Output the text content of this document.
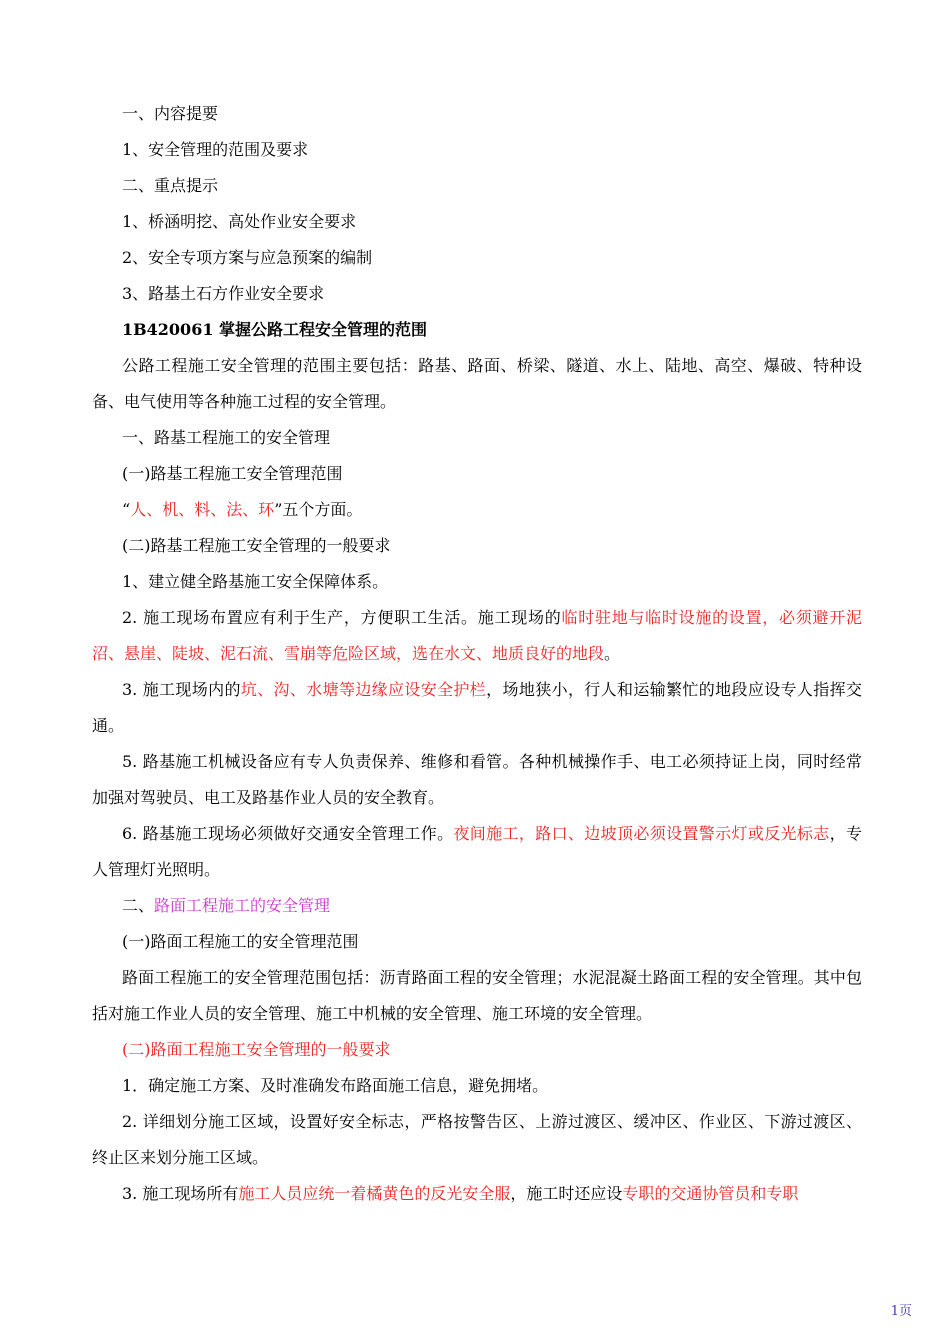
一、内容提要

1、安全管理的范围及要求

二、重点提示

1、桥涵明挖、高处作业安全要求

2、安全专项方案与应急预案的编制

3、路基土石方作业安全要求

1B420061 掌握公路工程安全管理的范围

公路工程施工安全管理的范围主要包括：路基、路面、桥梁、隧道、水上、陆地、高空、爆破、特种设备、电气使用等各种施工过程的安全管理。

一、路基工程施工的安全管理

(一)路基工程施工安全管理范围

“人、机、料、法、环”五个方面。

(二)路基工程施工安全管理的一般要求

1、建立健全路基施工安全保障体系。

2. 施工现场布置应有利于生产，方便职工生活。施工现场的临时驻地与临时设施的设置，必须避开泥沼、悬崖、陡坡、泥石流、雪崩等危险区域，选在水文、地质良好的地段。

3. 施工现场内的坑、沟、水塘等边缘应设安全护栏，场地狭小，行人和运输繁忙的地段应设专人指挥交通。

5. 路基施工机械设备应有专人负责保养、维修和看管。各种机械操作手、电工必须持证上岗，同时经常加强对驾驶员、电工及路基作业人员的安全教育。

6. 路基施工现场必须做好交通安全管理工作。夜间施工，路口、边坡顶必须设置警示灯或反光标志，专人管理灯光照明。

二、路面工程施工的安全管理

(一)路面工程施工的安全管理范围

路面工程施工的安全管理范围包括：沥青路面工程的安全管理；水泥混凝土路面工程的安全管理。其中包括对施工作业人员的安全管理、施工中机械的安全管理、施工环境的安全管理。

(二)路面工程施工安全管理的一般要求

1．确定施工方案、及时准确发布路面施工信息，避免拥堵。

2. 详细划分施工区域，设置好安全标志，严格按警告区、上游过渡区、缓冲区、作业区、下游过渡区、终止区来划分施工区域。

3. 施工现场所有施工人员应统一着橘黄色的反光安全服，施工时还应设专职的交通协管员和专职

1页
